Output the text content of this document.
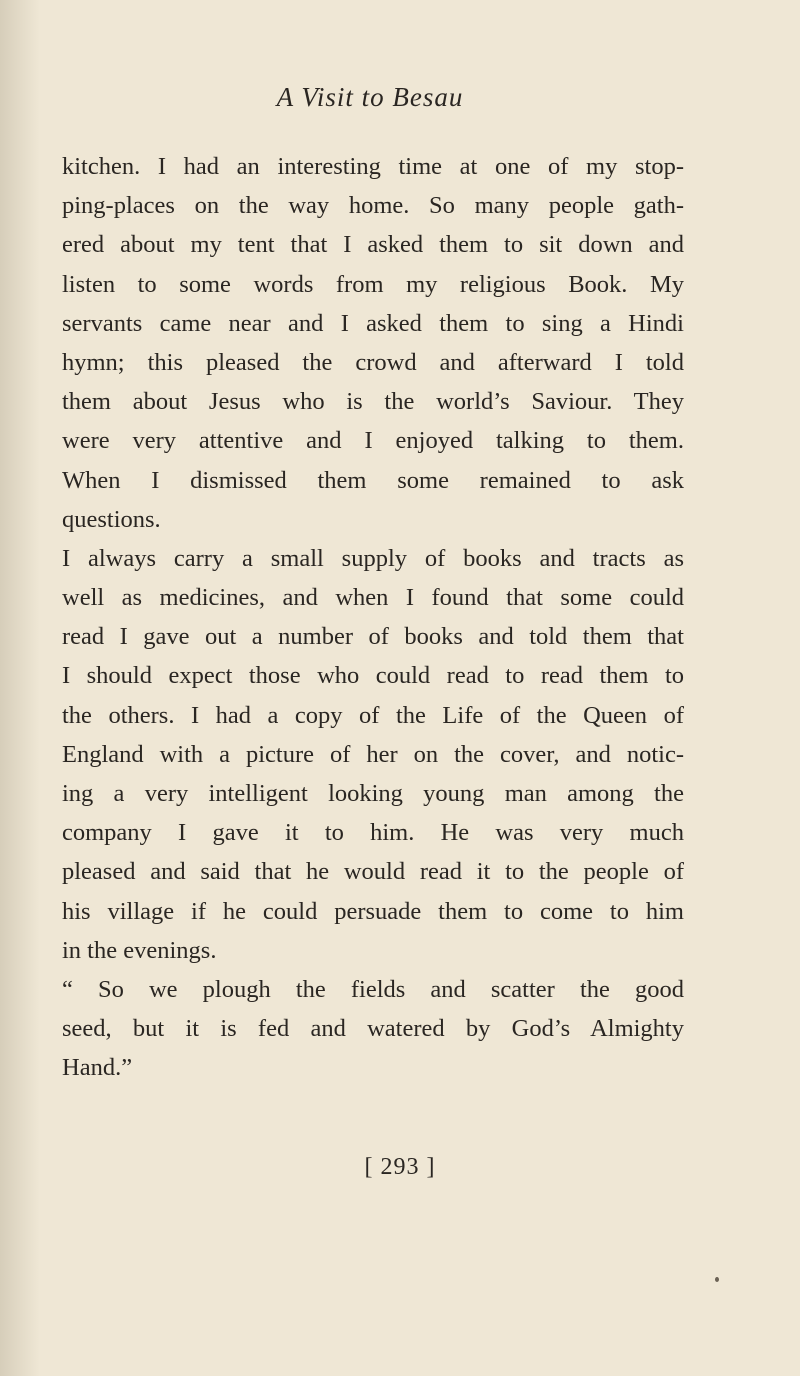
A Visit to Besau
kitchen. I had an interesting time at one of my stop-
ping-places on the way home. So many people gath-
ered about my tent that I asked them to sit down and
listen to some words from my religious Book. My
servants came near and I asked them to sing a Hindi
hymn; this pleased the crowd and afterward I told
them about Jesus who is the world’s Saviour. They
were very attentive and I enjoyed talking to them.
When I dismissed them some remained to ask
questions.
I always carry a small supply of books and tracts as
well as medicines, and when I found that some could
read I gave out a number of books and told them that
I should expect those who could read to read them to
the others. I had a copy of the Life of the Queen of
England with a picture of her on the cover, and notic-
ing a very intelligent looking young man among the
company I gave it to him. He was very much
pleased and said that he would read it to the people of
his village if he could persuade them to come to him
in the evenings.
“ So we plough the fields and scatter the good
seed, but it is fed and watered by God’s Almighty
Hand.”
[ 293 ]
